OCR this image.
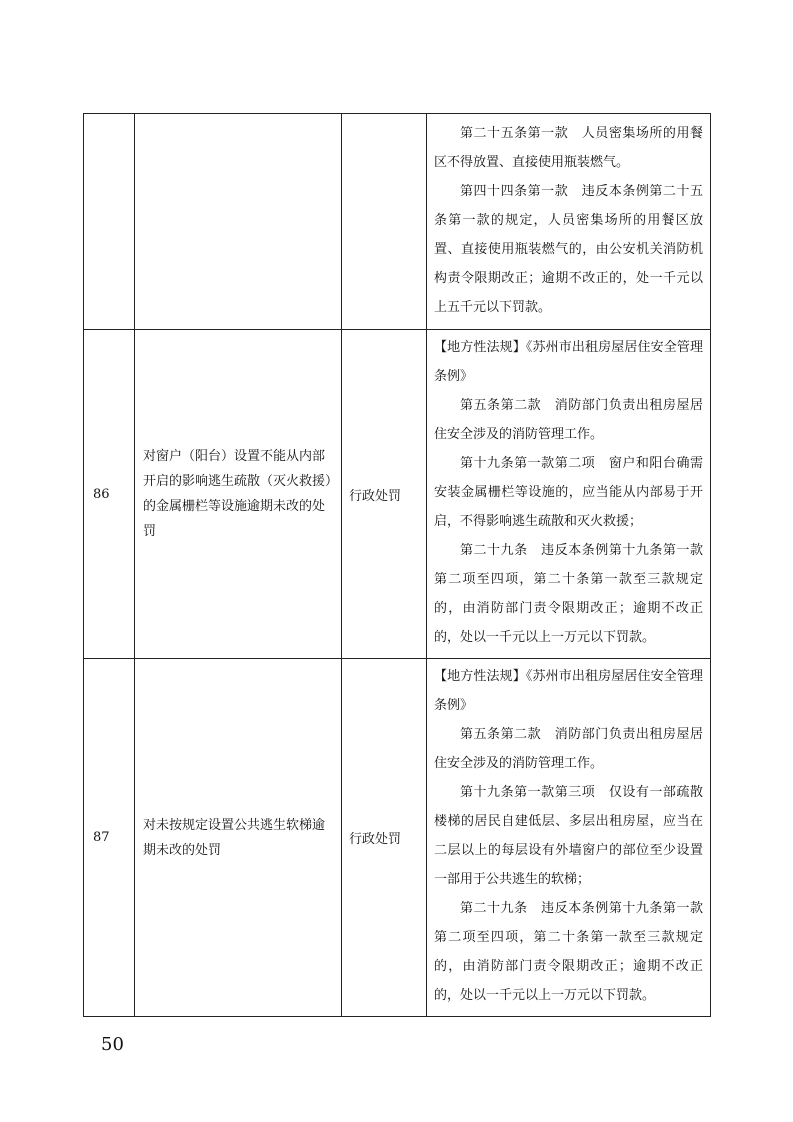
			第二十五条第一款　人员密集场所的用餐区不得放置、直接使用瓶装燃气。

第四十四条第一款　违反本条例第二十五条第一款的规定，人员密集场所的用餐区放置、直接使用瓶装燃气的，由公安机关消防机构责令限期改正；逾期不改正的，处一千元以上五千元以下罚款。

86	对窗户（阳台）设置不能从内部开启的影响逃生疏散（灭火救援）的金属栅栏等设施逾期未改的处罚	行政处罚	【地方性法规】《苏州市出租房屋居住安全管理条例》

第五条第二款　消防部门负责出租房屋居住安全涉及的消防管理工作。

第十九条第一款第二项　窗户和阳台确需安装金属栅栏等设施的，应当能从内部易于开启，不得影响逃生疏散和灭火救援；

第二十九条　违反本条例第十九条第一款第二项至四项，第二十条第一款至三款规定的，由消防部门责令限期改正；逾期不改正的，处以一千元以上一万元以下罚款。

87	对未按规定设置公共逃生软梯逾期未改的处罚	行政处罚	【地方性法规】《苏州市出租房屋居住安全管理条例》

第五条第二款　消防部门负责出租房屋居住安全涉及的消防管理工作。

第十九条第一款第三项　仅设有一部疏散楼梯的居民自建低层、多层出租房屋，应当在二层以上的每层设有外墙窗户的部位至少设置一部用于公共逃生的软梯；

第二十九条　违反本条例第十九条第一款第二项至四项，第二十条第一款至三款规定的，由消防部门责令限期改正；逾期不改正的，处以一千元以上一万元以下罚款。

50
